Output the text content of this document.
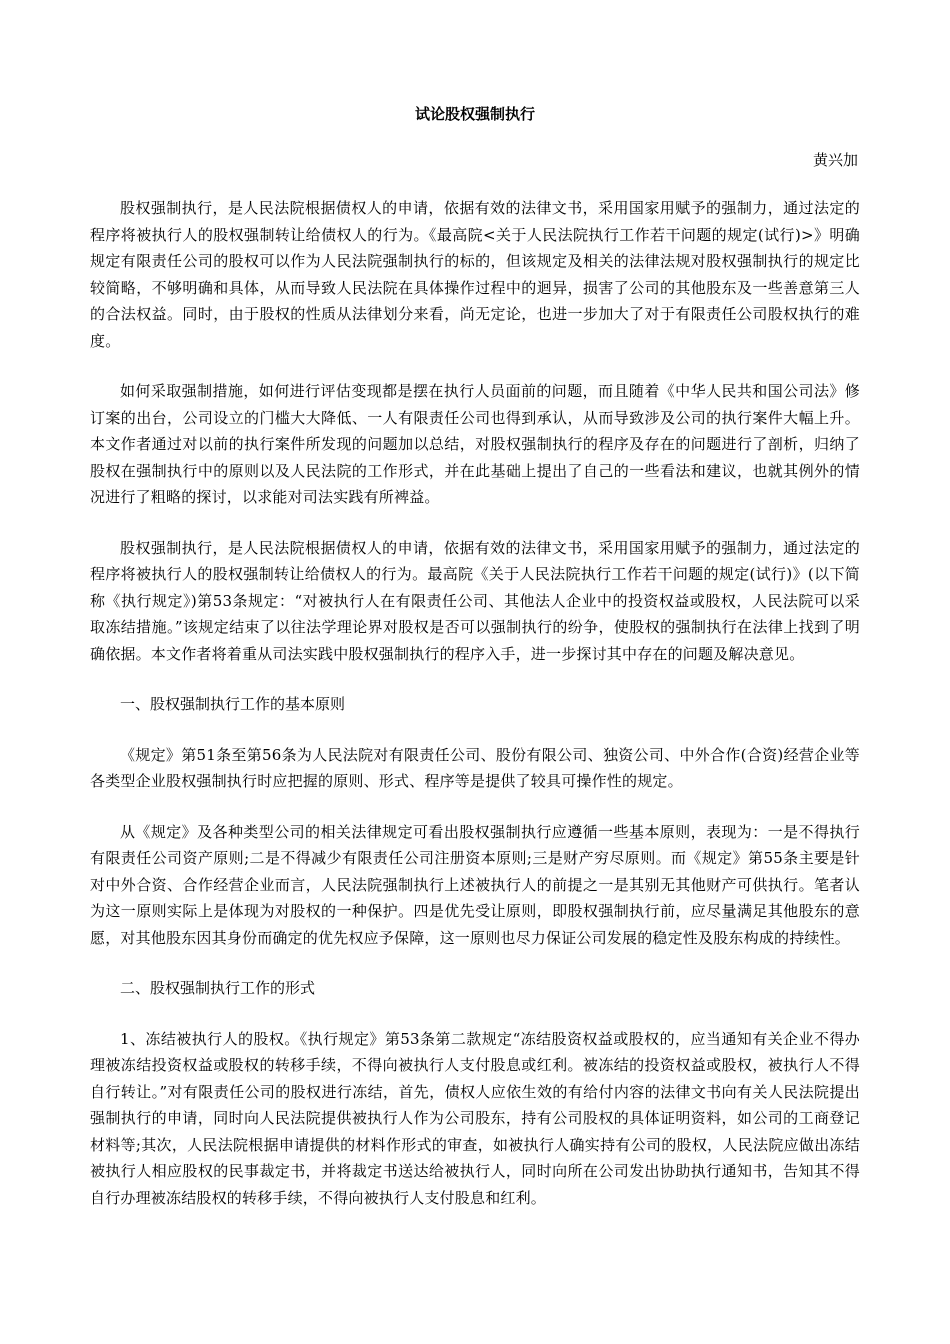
试论股权强制执行
黄兴加

股权强制执行，是人民法院根据债权人的申请，依据有效的法律文书，采用国家用赋予的强制力，通过法定的程序将被执行人的股权强制转让给债权人的行为。《最高院<关于人民法院执行工作若干问题的规定(试行)>》明确规定有限责任公司的股权可以作为人民法院强制执行的标的，但该规定及相关的法律法规对股权强制执行的规定比较简略，不够明确和具体，从而导致人民法院在具体操作过程中的迴异，损害了公司的其他股东及一些善意第三人的合法权益。同时，由于股权的性质从法律划分来看，尚无定论，也进一步加大了对于有限责任公司股权执行的难度。

如何采取强制措施，如何进行评估变现都是摆在执行人员面前的问题，而且随着《中华人民共和国公司法》修订案的出台，公司设立的门槛大大降低、一人有限责任公司也得到承认，从而导致涉及公司的执行案件大幅上升。本文作者通过对以前的执行案件所发现的问题加以总结，对股权强制执行的程序及存在的问题进行了剖析，归纳了股权在强制执行中的原则以及人民法院的工作形式，并在此基础上提出了自己的一些看法和建议，也就其例外的情况进行了粗略的探讨，以求能对司法实践有所裨益。

股权强制执行，是人民法院根据债权人的申请，依据有效的法律文书，采用国家用赋予的强制力，通过法定的程序将被执行人的股权强制转让给债权人的行为。最高院《关于人民法院执行工作若干问题的规定(试行)》(以下简称《执行规定》)第53条规定：“对被执行人在有限责任公司、其他法人企业中的投资权益或股权，人民法院可以采取冻结措施。”该规定结束了以往法学理论界对股权是否可以强制执行的纷争，使股权的强制执行在法律上找到了明确依据。本文作者将着重从司法实践中股权强制执行的程序入手，进一步探讨其中存在的问题及解决意见。

一、股权强制执行工作的基本原则

《规定》第51条至第56条为人民法院对有限责任公司、股份有限公司、独资公司、中外合作(合资)经营企业等各类型企业股权强制执行时应把握的原则、形式、程序等是提供了较具可操作性的规定。

从《规定》及各种类型公司的相关法律规定可看出股权强制执行应遵循一些基本原则，表现为：一是不得执行有限责任公司资产原则;二是不得减少有限责任公司注册资本原则;三是财产穷尽原则。而《规定》第55条主要是针对中外合资、合作经营企业而言，人民法院强制执行上述被执行人的前提之一是其别无其他财产可供执行。笔者认为这一原则实际上是体现为对股权的一种保护。四是优先受让原则，即股权强制执行前，应尽量满足其他股东的意愿，对其他股东因其身份而确定的优先权应予保障，这一原则也尽力保证公司发展的稳定性及股东构成的持续性。

二、股权强制执行工作的形式

1、冻结被执行人的股权。《执行规定》第53条第二款规定“冻结股资权益或股权的，应当通知有关企业不得办理被冻结投资权益或股权的转移手续，不得向被执行人支付股息或红利。被冻结的投资权益或股权，被执行人不得自行转让。”对有限责任公司的股权进行冻结，首先，债权人应依生效的有给付内容的法律文书向有关人民法院提出强制执行的申请，同时向人民法院提供被执行人作为公司股东，持有公司股权的具体证明资料，如公司的工商登记材料等;其次，人民法院根据申请提供的材料作形式的审查，如被执行人确实持有公司的股权，人民法院应做出冻结被执行人相应股权的民事裁定书，并将裁定书送达给被执行人，同时向所在公司发出协助执行通知书，告知其不得自行办理被冻结股权的转移手续，不得向被执行人支付股息和红利。
